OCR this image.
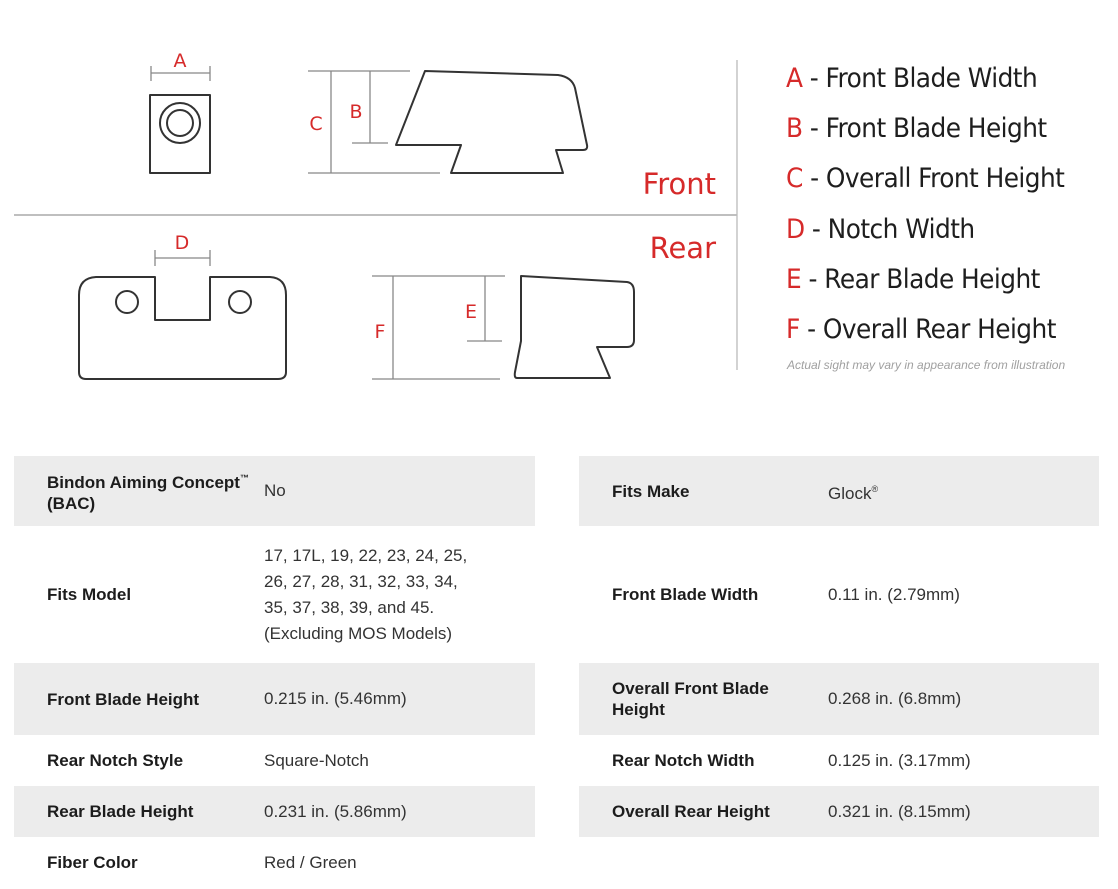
A
C
B
Front
D
F
E
Rear
A - Front Blade Width
B - Front Blade Height
C - Overall Front Height
D - Notch Width
E - Rear Blade Height
F - Overall Rear Height
Actual sight may vary in appearance from illustration
Bindon Aiming Concept™
(BAC)	No
Fits Model	17, 17L, 19, 22, 23, 24, 25,
26, 27, 28, 31, 32, 33, 34,
35, 37, 38, 39, and 45.
(Excluding MOS Models)
Front Blade Height	0.215 in. (5.46mm)
Rear Notch Style	Square-Notch
Rear Blade Height	0.231 in. (5.86mm)
Fiber Color	Red / Green
Fits Make	Glock®
Front Blade Width	0.11 in. (2.79mm)
Overall Front Blade
Height	0.268 in. (6.8mm)
Rear Notch Width	0.125 in. (3.17mm)
Overall Rear Height	0.321 in. (8.15mm)
